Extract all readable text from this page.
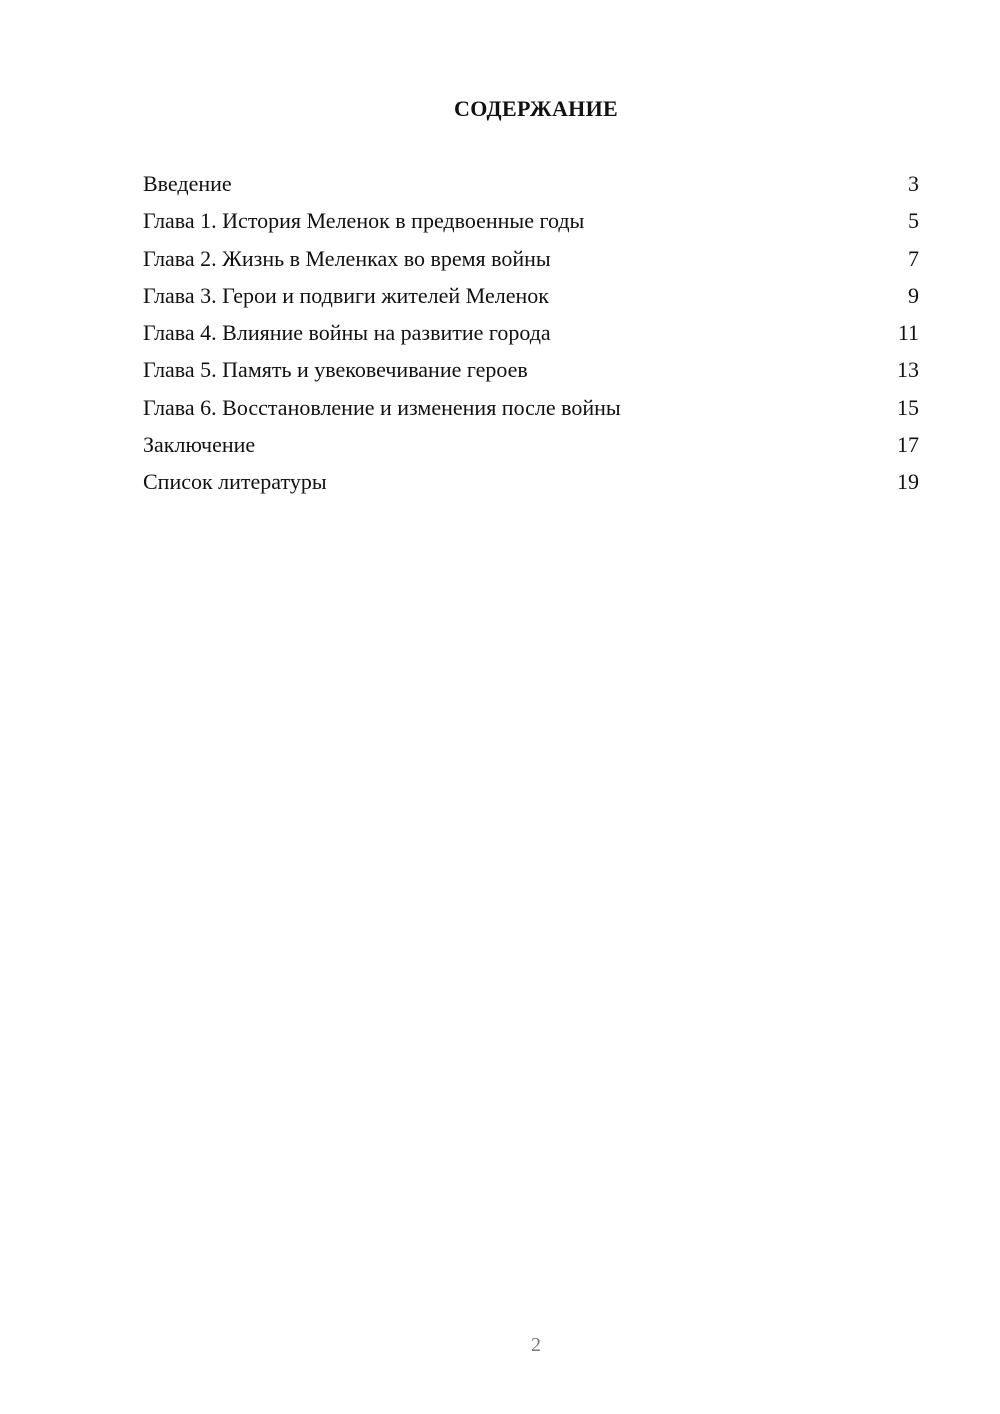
СОДЕРЖАНИЕ
Введение	3
Глава 1. История Меленок в предвоенные годы	5
Глава 2. Жизнь в Меленках во время войны	7
Глава 3. Герои и подвиги жителей Меленок	9
Глава 4. Влияние войны на развитие города	11
Глава 5. Память и увековечивание героев	13
Глава 6. Восстановление и изменения после войны	15
Заключение	17
Список литературы	19
2
